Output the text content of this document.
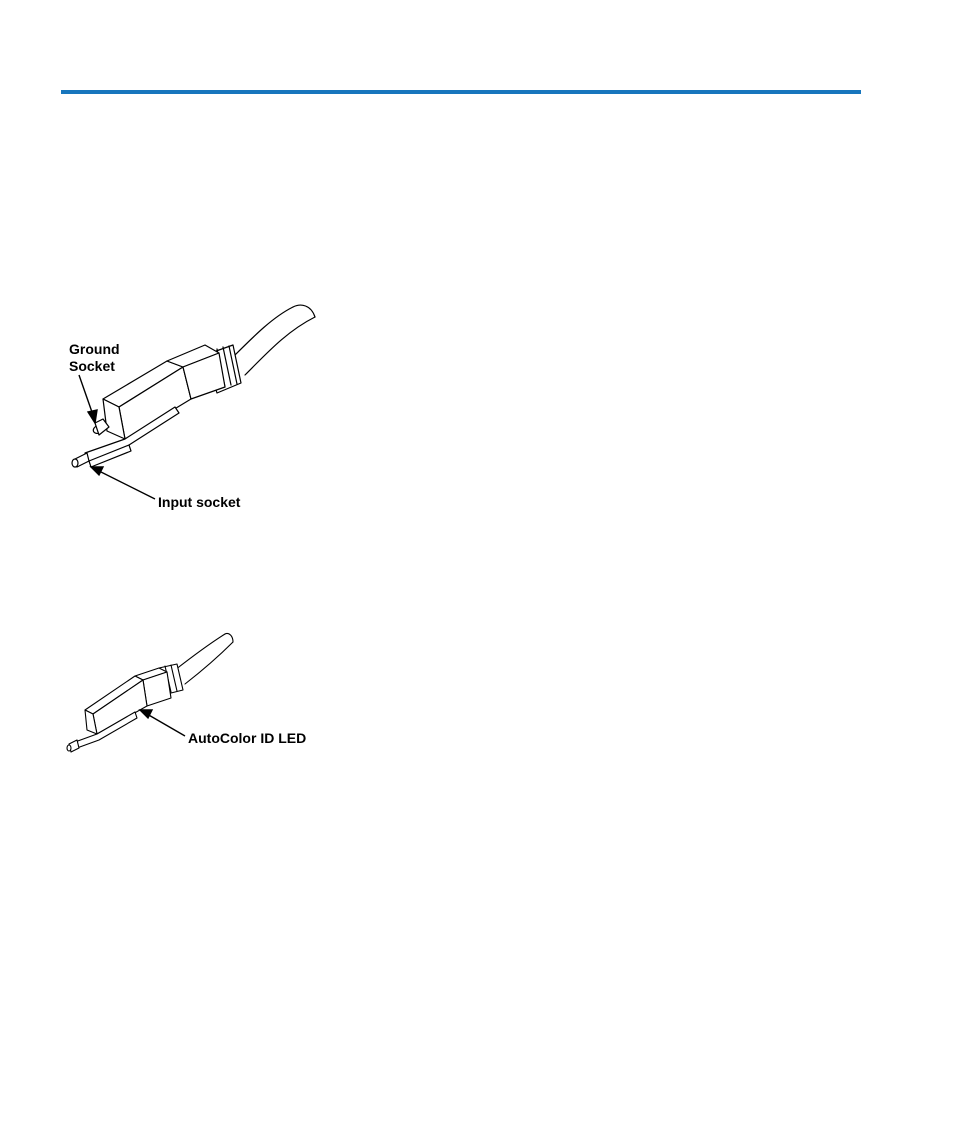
Ground
Socket
Input socket
AutoColor ID LED
